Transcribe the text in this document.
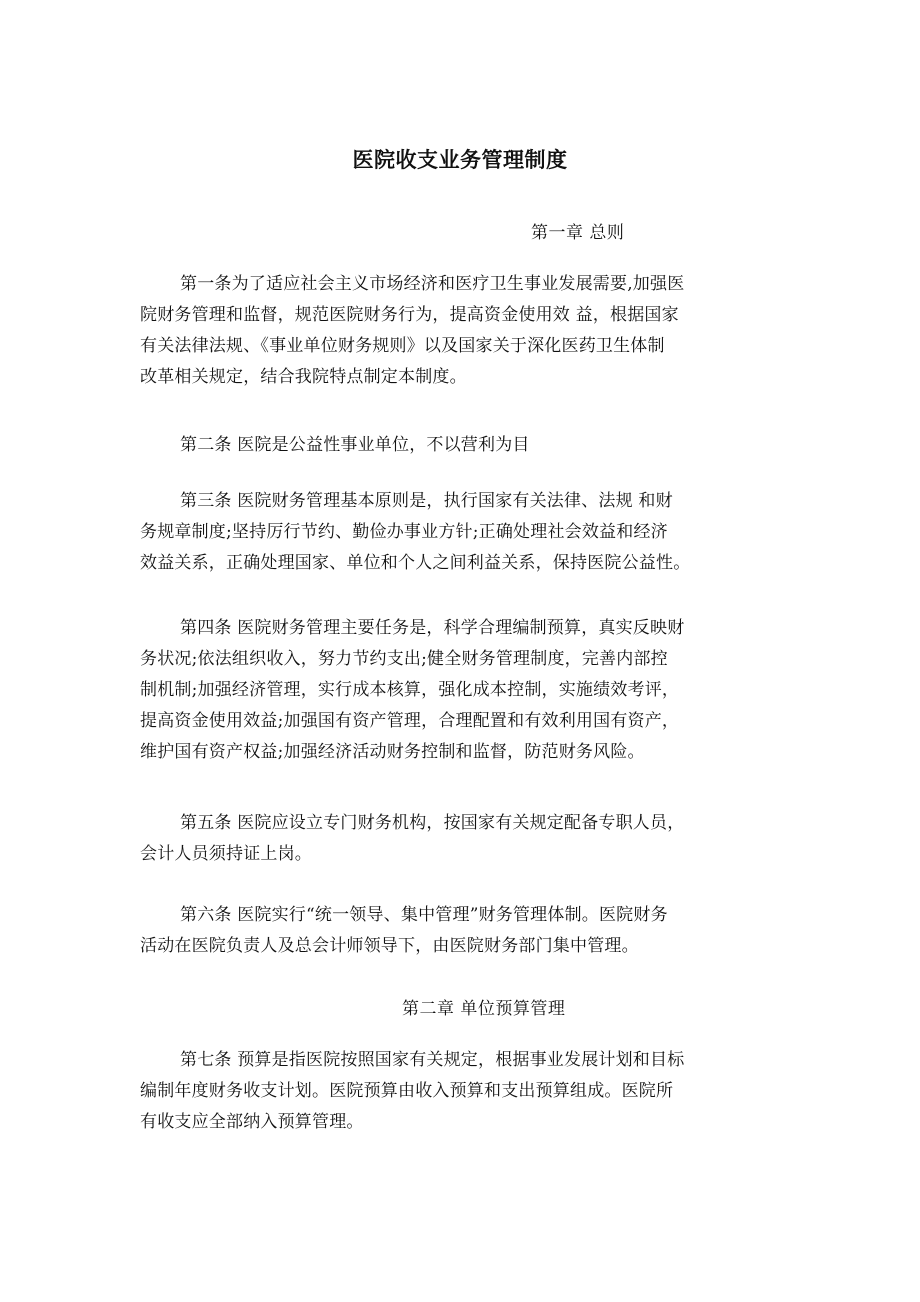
医院收支业务管理制度
第一章 总则
第一条为了适应社会主义市场经济和医疗卫生事业发展需要,加强医
院财务管理和监督，规范医院财务行为，提高资金使用效 益，根据国家
有关法律法规、《事业单位财务规则》以及国家关于深化医药卫生体制
改革相关规定，结合我院特点制定本制度。
第二条 医院是公益性事业单位，不以营利为目
第三条 医院财务管理基本原则是，执行国家有关法律、法规 和财
务规章制度;坚持厉行节约、勤俭办事业方针;正确处理社会效益和经济
效益关系，正确处理国家、单位和个人之间利益关系，保持医院公益性。
第四条 医院财务管理主要任务是，科学合理编制预算，真实反映财
务状况;依法组织收入，努力节约支出;健全财务管理制度，完善内部控
制机制;加强经济管理，实行成本核算，强化成本控制，实施绩效考评，
提高资金使用效益;加强国有资产管理，合理配置和有效利用国有资产，
维护国有资产权益;加强经济活动财务控制和监督，防范财务风险。
第五条 医院应设立专门财务机构，按国家有关规定配备专职人员，
会计人员须持证上岗。
第六条 医院实行“统一领导、集中管理”财务管理体制。医院财务
活动在医院负责人及总会计师领导下，由医院财务部门集中管理。
第二章 单位预算管理
第七条 预算是指医院按照国家有关规定，根据事业发展计划和目标
编制年度财务收支计划。医院预算由收入预算和支出预算组成。医院所
有收支应全部纳入预算管理。
